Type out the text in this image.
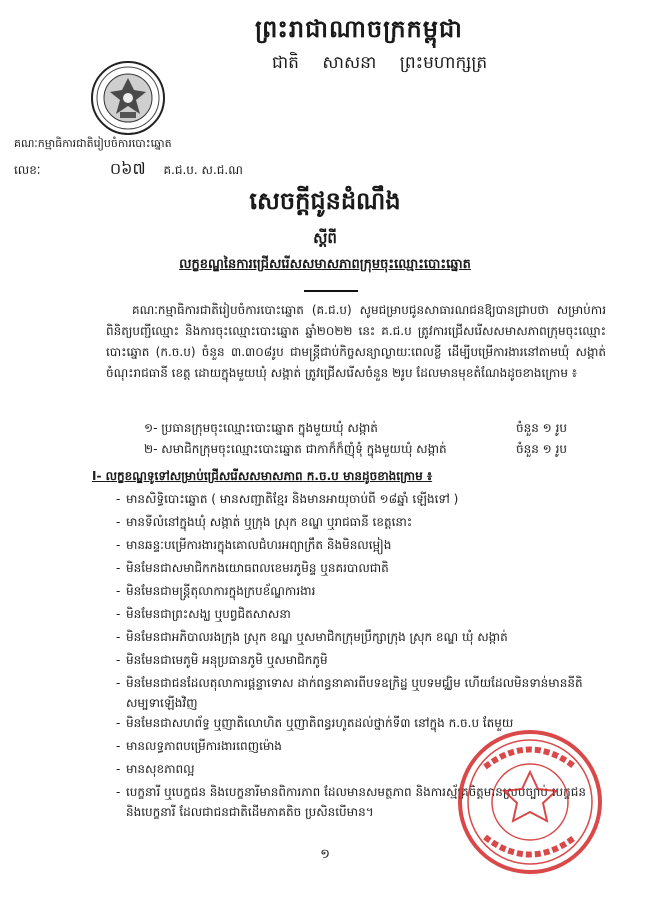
ព្រះរាជាណាចក្រកម្ពុជា
ជាតិ សាសនា ព្រះមហាក្សត្រ
គណៈកម្មាធិការជាតិរៀបចំការបោះឆ្នោត
លេខៈ	០៦៧ គ.ជ.ប. ស.ជ.ណ
សេចក្តីជូនដំណឹង
ស្តីពី
លក្ខខណ្ឌនៃការជ្រើសរើសសមាសភាពក្រុមចុះឈ្មោះបោះឆ្នោត
គណៈកម្មាធិការជាតិរៀបចំការបោះឆ្នោត (គ.ជ.ប) សូមជម្រាបជូនសាធារណជនឱ្យបានជ្រាបថា សម្រាប់ការពិនិត្យបញ្ជីឈ្មោះ និងការចុះឈ្មោះបោះឆ្នោត ឆ្នាំ២០២២ នេះ គ.ជ.ប ត្រូវការជ្រើសរើសសមាសភាពក្រុមចុះឈ្មោះបោះឆ្នោត (ក.ច.ប) ចំនួន ៣.៣០៨រូប ជាមន្ត្រីជាប់កិច្ចសន្យាល្ងាយៈពេលខ្លី ដើម្បីបម្រើការងារនៅតាមឃុំ សង្កាត់ ចំណុះរាជធានី ខេត្ត ដោយក្នុងមួយឃុំ សង្កាត់ ត្រូវជ្រើសរើសចំនួន ២រូប ដែលមានមុខតំណែងដូចខាងក្រោម ៖
១- ប្រធានក្រុមចុះឈ្មោះបោះឆ្នោត ក្នុងមួយឃុំ សង្កាត់	ចំនួន ១ រូប
២- សមាជិកក្រុមចុះឈ្មោះបោះឆ្នោត ជាកាក៏ក៏ញុំទុំ ក្នុងមួយឃុំ សង្កាត់	ចំនួន ១ រូប
I- លក្ខខណ្ឌទូទៅសម្រាប់ជ្រើសរើសសមាសភាព ក.ច.ប មានដូចខាងក្រោម ៖
- មានសិទ្ធិបោះឆ្នោត ( មានសញ្ជាតិខ្មែរ និងមានអាយុចាប់ពី ១៨ឆ្នាំ ឡើងទៅ )
- មានទីលំនៅក្នុងឃុំ សង្កាត់ ឬក្រុង ស្រុក ខណ្ឌ ឬរាជធានី ខេត្តនោះ
- មានឆន្ទៈបម្រើការងារក្នុងគោលជំហរអព្យាក្រឹត និងមិនលម្អៀង
- មិនមែនជាសមាជិកកងយោធពលខេមរភូមិន្ទ ឬនគរបាលជាតិ
- មិនមែនជាមន្ត្រីតុលាការក្នុងក្របខ័ណ្ឌការងារ
- មិនមែនជាព្រះសង្ឃ ឬបព្វជិតសាសនា
- មិនមែនជាអភិបាលរងក្រុង ស្រុក ខណ្ឌ ឬសមាជិកក្រុមប្រឹក្សាក្រុង ស្រុក ខណ្ឌ ឃុំ សង្កាត់
- មិនមែនជាមេភូមិ អនុប្រធានភូមិ ឬសមាជិកភូមិ
- មិនមែនជាជនដែលតុលាការផ្តន្ទាទោស ដាក់ពន្ធនាគារពីបទឧក្រិដ្ឋ ឬបទមជ្ឈិម ហើយដែលមិនទាន់មាននីតិសម្បទាឡើងវិញ
- មិនមែនជាសហព័ទ្ធ ឬញាតិលោហិត ឬញាតិពន្ធរហូតដល់ថ្នាក់ទី៣ នៅក្នុង ក.ច.ប តែមួយ
- មានលទ្ធភាពបម្រើការងារពេញម៉ោង
- មានសុខភាពល្អ
- បេក្ខនារី ឬបេក្ខជន និងបេក្ខនារីមានពិការភាព ដែលមានសមត្ថភាព និងការស្ម័គ្រចិត្តមានស្របច្បាប់ បេក្ខជន និងបេក្ខនារី ដែលជាជនជាតិដើមភាគតិច ប្រសិនបើមាន។
១
